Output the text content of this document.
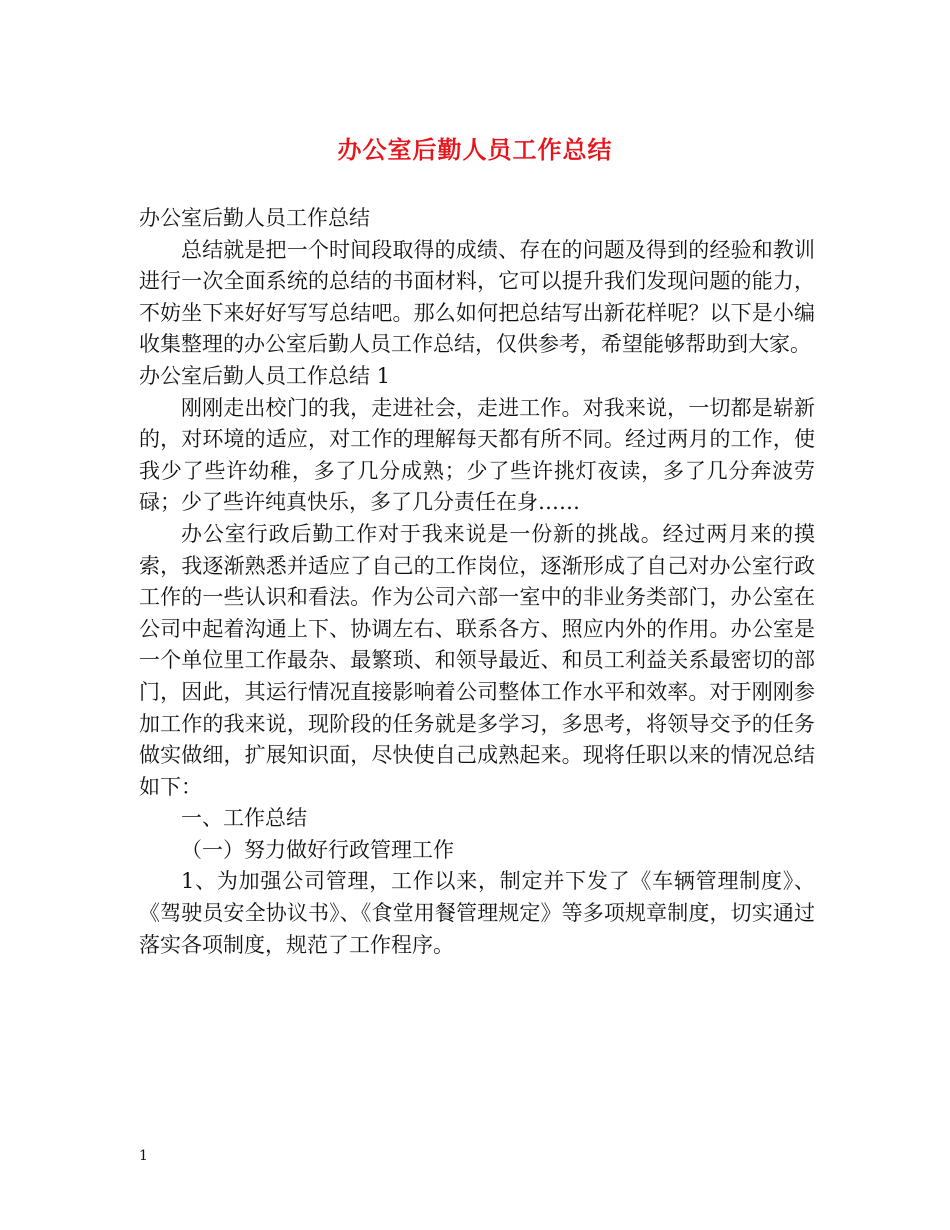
办公室后勤人员工作总结

办公室后勤人员工作总结

总结就是把一个时间段取得的成绩、存在的问题及得到的经验和教训进行一次全面系统的总结的书面材料，它可以提升我们发现问题的能力，不妨坐下来好好写写总结吧。那么如何把总结写出新花样呢？以下是小编收集整理的办公室后勤人员工作总结，仅供参考，希望能够帮助到大家。

办公室后勤人员工作总结 1

刚刚走出校门的我，走进社会，走进工作。对我来说，一切都是崭新的，对环境的适应，对工作的理解每天都有所不同。经过两月的工作，使我少了些许幼稚，多了几分成熟；少了些许挑灯夜读，多了几分奔波劳碌；少了些许纯真快乐，多了几分责任在身……

办公室行政后勤工作对于我来说是一份新的挑战。经过两月来的摸索，我逐渐熟悉并适应了自己的工作岗位，逐渐形成了自己对办公室行政工作的一些认识和看法。作为公司六部一室中的非业务类部门，办公室在公司中起着沟通上下、协调左右、联系各方、照应内外的作用。办公室是一个单位里工作最杂、最繁琐、和领导最近、和员工利益关系最密切的部门，因此，其运行情况直接影响着公司整体工作水平和效率。对于刚刚参加工作的我来说，现阶段的任务就是多学习，多思考，将领导交予的任务做实做细，扩展知识面，尽快使自己成熟起来。现将任职以来的情况总结如下：

一、工作总结

（一）努力做好行政管理工作

1、为加强公司管理，工作以来，制定并下发了《车辆管理制度》、《驾驶员安全协议书》、《食堂用餐管理规定》等多项规章制度，切实通过落实各项制度，规范了工作程序。

1
